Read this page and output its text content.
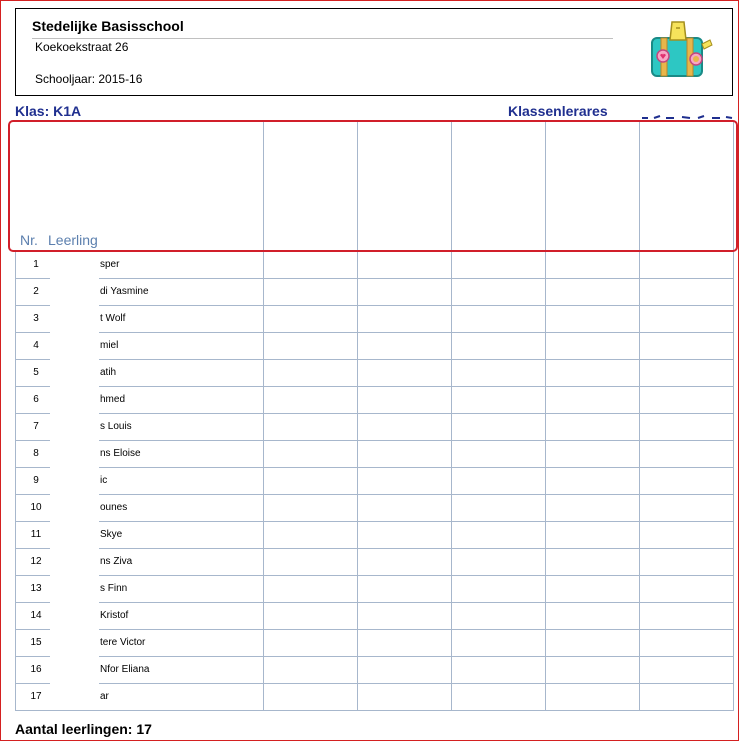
Stedelijke Basisschool
Koekoekstraat 26
Schooljaar: 2015-16
Klas: K1A	Klassenlerares
Nr. Leerling
1	sper
2	di Yasmine
3	t Wolf
4	miel
5	atih
6	hmed
7	s Louis
8	ns Eloise
9	ic
10	ounes
11	Skye
12	ns Ziva
13	s Finn
14	Kristof
15	tere Victor
16	Nfor Eliana
17	ar
Aantal leerlingen: 17
